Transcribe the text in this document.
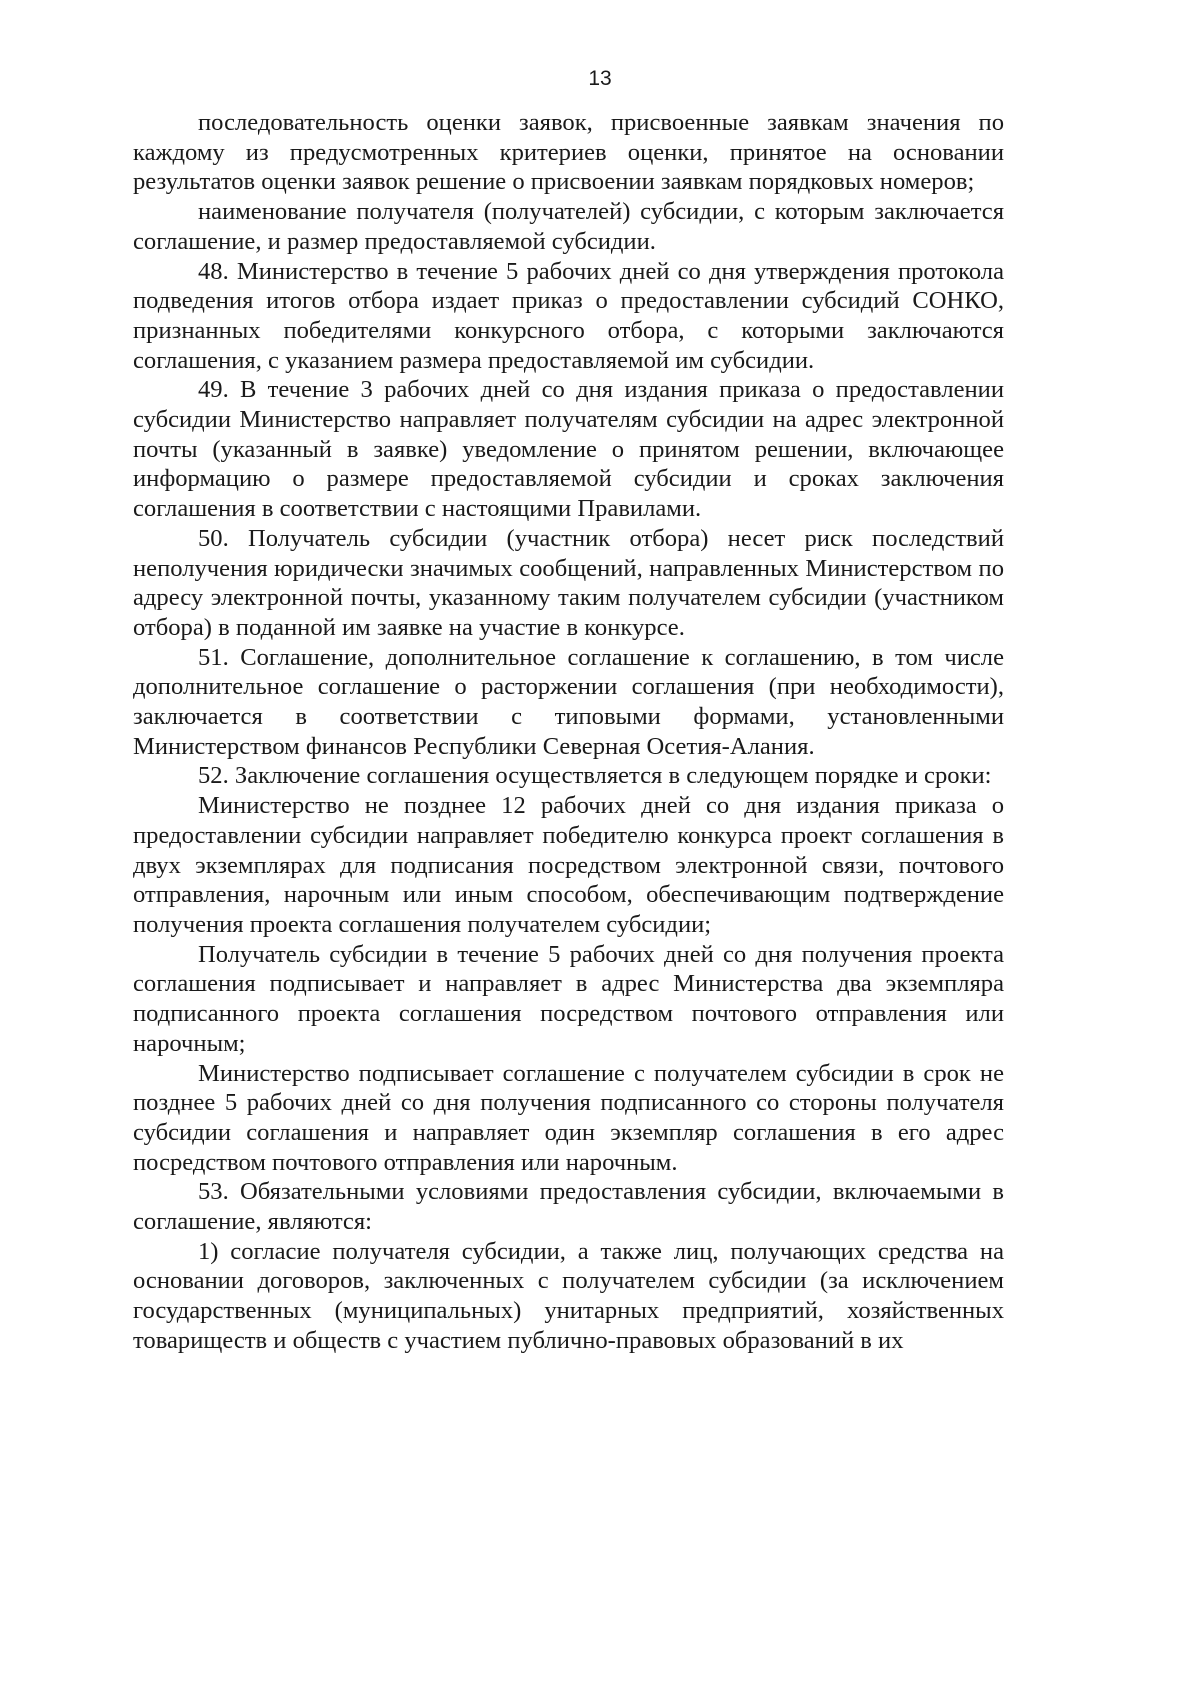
13

последовательность оценки заявок, присвоенные заявкам значения по каждому из предусмотренных критериев оценки, принятое на основании результатов оценки заявок решение о присвоении заявкам порядковых номеров;

наименование получателя (получателей) субсидии, с которым заключается соглашение, и размер предоставляемой субсидии.

48. Министерство в течение 5 рабочих дней со дня утверждения протокола подведения итогов отбора издает приказ о предоставлении субсидий СОНКО, признанных победителями конкурсного отбора, с которыми заключаются соглашения, с указанием размера предоставляемой им субсидии.

49. В течение 3 рабочих дней со дня издания приказа о предоставлении субсидии Министерство направляет получателям субсидии на адрес электронной почты (указанный в заявке) уведомление о принятом решении, включающее информацию о размере предоставляемой субсидии и сроках заключения соглашения в соответствии с настоящими Правилами.

50. Получатель субсидии (участник отбора) несет риск последствий неполучения юридически значимых сообщений, направленных Министерством по адресу электронной почты, указанному таким получателем субсидии (участником отбора) в поданной им заявке на участие в конкурсе.

51. Соглашение, дополнительное соглашение к соглашению, в том числе дополнительное соглашение о расторжении соглашения (при необходимости), заключается в соответствии с типовыми формами, установленными Министерством финансов Республики Северная Осетия-Алания.

52. Заключение соглашения осуществляется в следующем порядке и сроки:

Министерство не позднее 12 рабочих дней со дня издания приказа о предоставлении субсидии направляет победителю конкурса проект соглашения в двух экземплярах для подписания посредством электронной связи, почтового отправления, нарочным или иным способом, обеспечивающим подтверждение получения проекта соглашения получателем субсидии;

Получатель субсидии в течение 5 рабочих дней со дня получения проекта соглашения подписывает и направляет в адрес Министерства два экземпляра подписанного проекта соглашения посредством почтового отправления или нарочным;

Министерство подписывает соглашение с получателем субсидии в срок не позднее 5 рабочих дней со дня получения подписанного со стороны получателя субсидии соглашения и направляет один экземпляр соглашения в его адрес посредством почтового отправления или нарочным.

53. Обязательными условиями предоставления субсидии, включаемыми в соглашение, являются:

1) согласие получателя субсидии, а также лиц, получающих средства на основании договоров, заключенных с получателем субсидии (за исключением государственных (муниципальных) унитарных предприятий, хозяйственных товариществ и обществ с участием публично-правовых образований в их
